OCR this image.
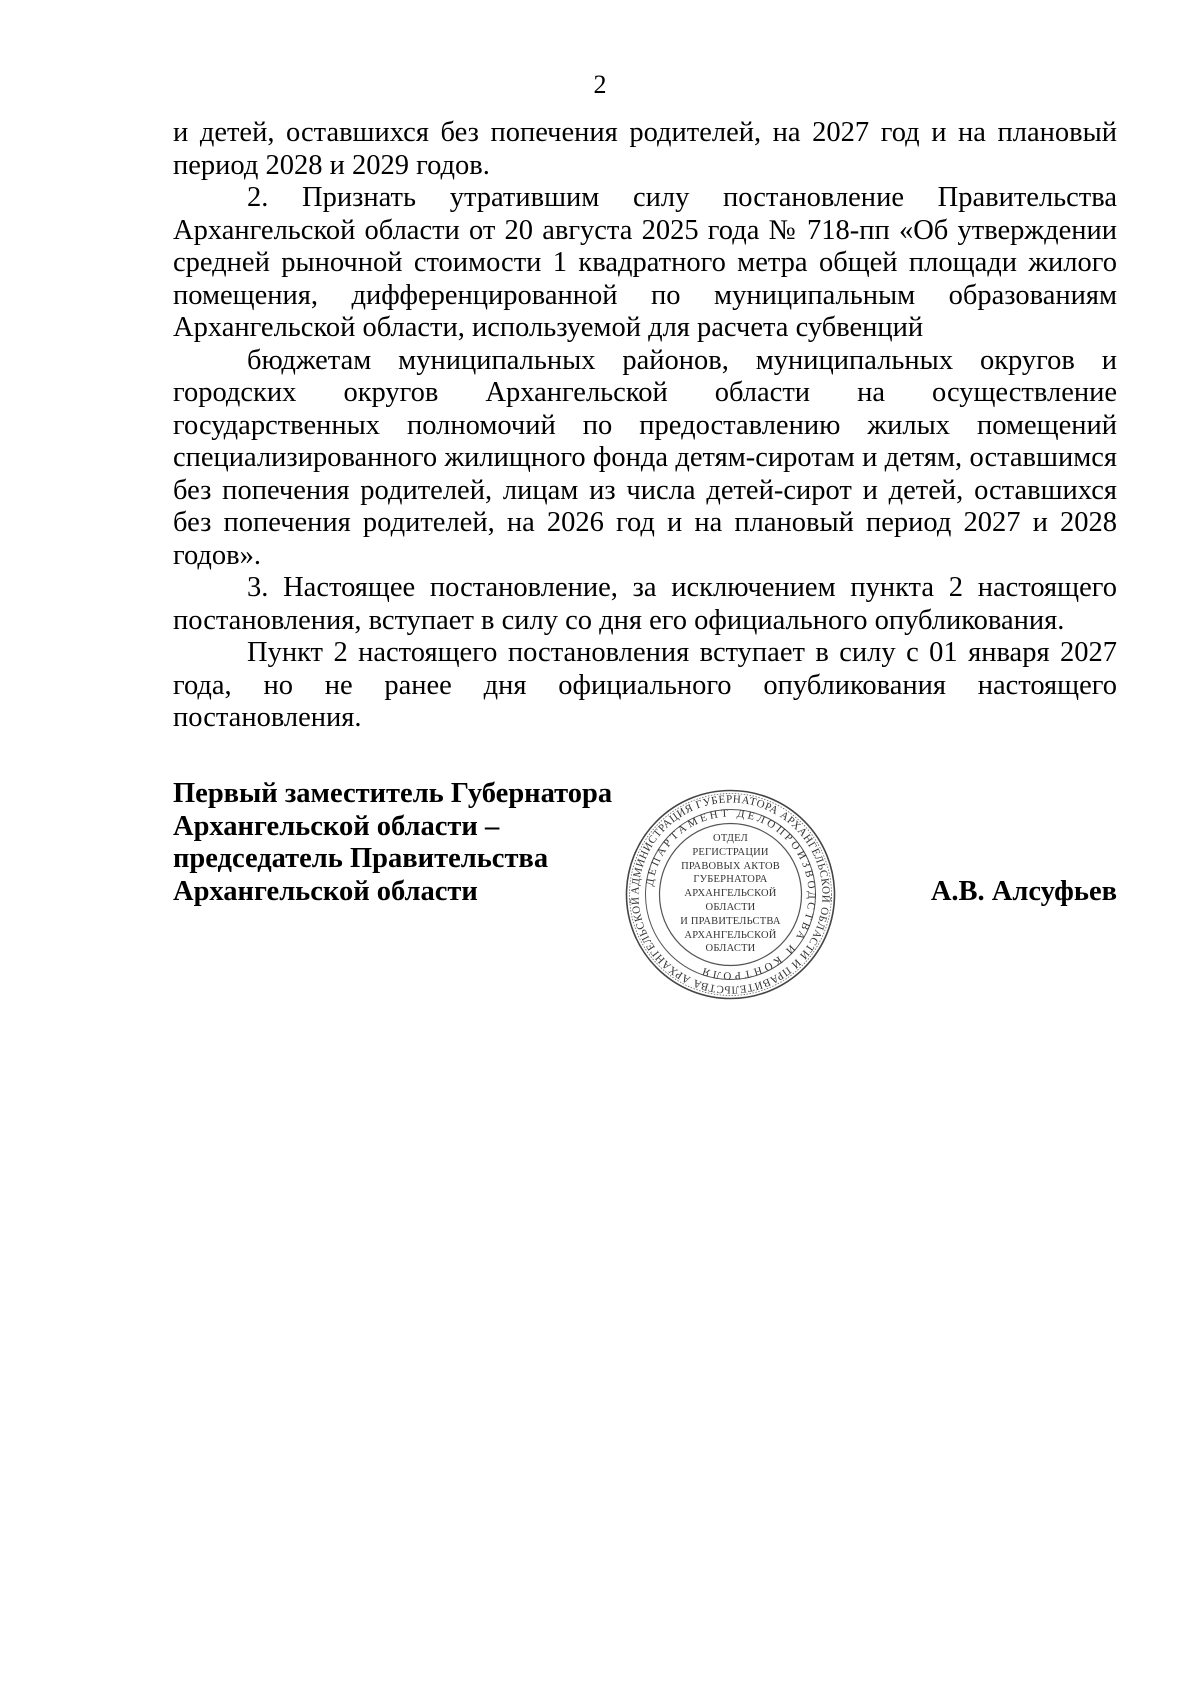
2

и детей, оставшихся без попечения родителей, на 2027 год и на плановый период 2028 и 2029 годов.

2. Признать утратившим силу постановление Правительства Архангельской области от 20 августа 2025 года № 718-пп «Об утверждении средней рыночной стоимости 1 квадратного метра общей площади жилого помещения, дифференцированной по муниципальным образованиям Архангельской области, используемой для расчета субвенций

бюджетам муниципальных районов, муниципальных округов и городских округов Архангельской области на осуществление государственных полномочий по предоставлению жилых помещений специализированного жилищного фонда детям-сиротам и детям, оставшимся без попечения родителей, лицам из числа детей-сирот и детей, оставшихся без попечения родителей, на 2026 год и на плановый период 2027 и 2028 годов».

3. Настоящее постановление, за исключением пункта 2 настоящего постановления, вступает в силу со дня его официального опубликования.

Пункт 2 настоящего постановления вступает в силу с 01 января 2027 года, но не ранее дня официального опубликования настоящего постановления.

Первый заместитель Губернатора
Архангельской области –
председатель Правительства
Архангельской области	А.В. Алсуфьев
АДМИНИСТРАЦИЯ ГУБЕРНАТОРА АРХАНГЕЛЬСКОЙ ОБЛАСТИ И ПРАВИТЕЛЬСТВА АРХАНГЕЛЬСКОЙ
ДЕПАРТАМЕНТ ДЕЛОПРОИЗВОДСТВА И КОНТРОЛЯ
ОТДЕЛ
РЕГИСТРАЦИИ
ПРАВОВЫХ АКТОВ
ГУБЕРНАТОРА
АРХАНГЕЛЬСКОЙ
ОБЛАСТИ
И ПРАВИТЕЛЬСТВА
АРХАНГЕЛЬСКОЙ
ОБЛАСТИ
